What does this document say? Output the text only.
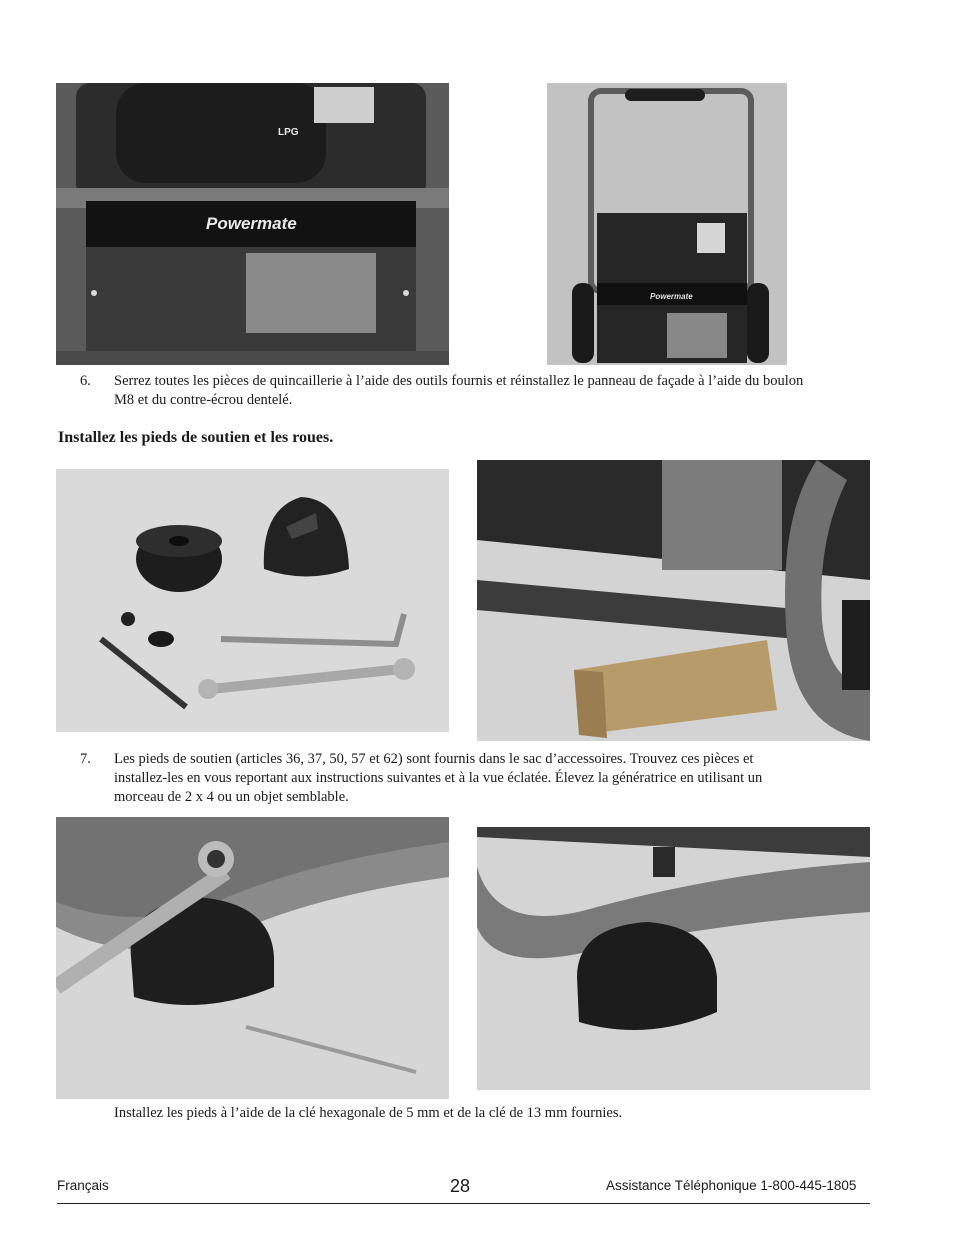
Powermate
LPG
Powermate
6. Serrez toutes les pièces de quincaillerie à l’aide des outils fournis et réinstallez le panneau de façade à l’aide du boulon
M8 et du contre-écrou dentelé.
Installez les pieds de soutien et les roues.
7. Les pieds de soutien (articles 36, 37, 50, 57 et 62) sont fournis dans le sac d’accessoires. Trouvez ces pièces et
installez-les en vous reportant aux instructions suivantes et à la vue éclatée. Élevez la génératrice en utilisant un
morceau de 2 x 4 ou un objet semblable.
Installez les pieds à l’aide de la clé hexagonale de 5 mm et de la clé de 13 mm fournies.
Français	28	Assistance Téléphonique 1-800-445-1805
